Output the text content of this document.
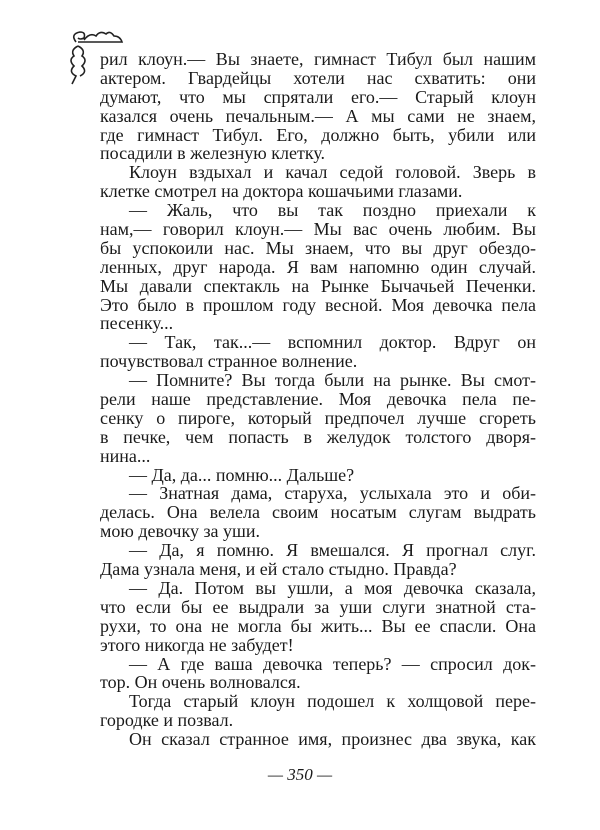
рил клоун.— Вы знаете, гимнаст Тибул был нашим
актером. Гвардейцы хотели нас схватить: они
думают, что мы спрятали его.— Старый клоун
казался очень печальным.— А мы сами не знаем,
где гимнаст Тибул. Его, должно быть, убили или
посадили в железную клетку.
Клоун вздыхал и качал седой головой. Зверь в
клетке смотрел на доктора кошачьими глазами.
— Жаль, что вы так поздно приехали к
нам,— говорил клоун.— Мы вас очень любим. Вы
бы успокоили нас. Мы знаем, что вы друг обездо-
ленных, друг народа. Я вам напомню один случай.
Мы давали спектакль на Рынке Бычачьей Печенки.
Это было в прошлом году весной. Моя девочка пела
песенку...
— Так, так...— вспомнил доктор. Вдруг он
почувствовал странное волнение.
— Помните? Вы тогда были на рынке. Вы смот-
рели наше представление. Моя девочка пела пе-
сенку о пироге, который предпочел лучше сгореть
в печке, чем попасть в желудок толстого дворя-
нина...
— Да, да... помню... Дальше?
— Знатная дама, старуха, услыхала это и оби-
делась. Она велела своим носатым слугам выдрать
мою девочку за уши.
— Да, я помню. Я вмешался. Я прогнал слуг.
Дама узнала меня, и ей стало стыдно. Правда?
— Да. Потом вы ушли, а моя девочка сказала,
что если бы ее выдрали за уши слуги знатной ста-
рухи, то она не могла бы жить... Вы ее спасли. Она
этого никогда не забудет!
— А где ваша девочка теперь? — спросил док-
тор. Он очень волновался.
Тогда старый клоун подошел к холщовой пере-
городке и позвал.
Он сказал странное имя, произнес два звука, как
— 350 —
